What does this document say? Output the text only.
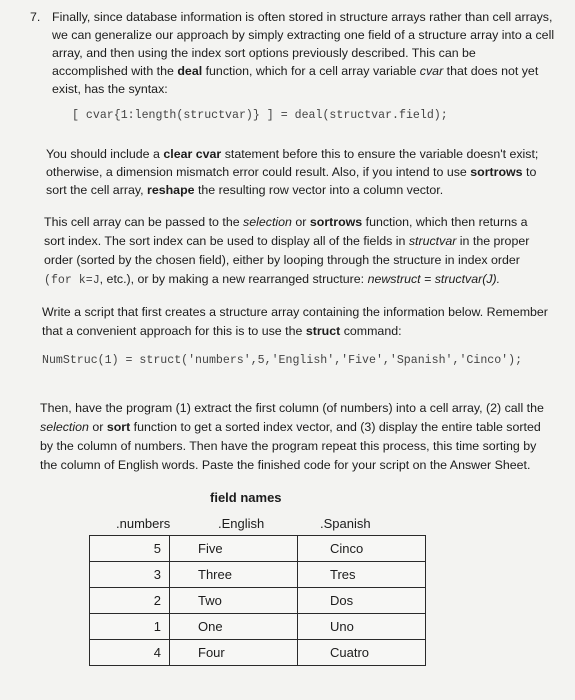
7. Finally, since database information is often stored in structure arrays rather than cell arrays,

we can generalize our approach by simply extracting one field of a structure array into a cell

array, and then using the index sort options previously described. This can be

accomplished with the deal function, which for a cell array variable cvar that does not yet

exist, has the syntax:

[ cvar{1:length(structvar)} ] = deal(structvar.field);

You should include a clear cvar statement before this to ensure the variable doesn't exist;

otherwise, a dimension mismatch error could result. Also, if you intend to use sortrows to

sort the cell array, reshape the resulting row vector into a column vector.

This cell array can be passed to the selection or sortrows function, which then returns a

sort index. The sort index can be used to display all of the fields in structvar in the proper

order (sorted by the chosen field), either by looping through the structure in index order

(for k=J, etc.), or by making a new rearranged structure: newstruct = structvar(J).

Write a script that first creates a structure array containing the information below. Remember

that a convenient approach for this is to use the struct command:

NumStruc(1) = struct('numbers',5,'English','Five','Spanish','Cinco');

Then, have the program (1) extract the first column (of numbers) into a cell array, (2) call the

selection or sort function to get a sorted index vector, and (3) display the entire table sorted

by the column of numbers. Then have the program repeat this process, this time sorting by

the column of English words. Paste the finished code for your script on the Answer Sheet.

field names
.numbers	.English	.Spanish
5	Five	Cinco
3	Three	Tres
2	Two	Dos
1	One	Uno
4	Four	Cuatro
